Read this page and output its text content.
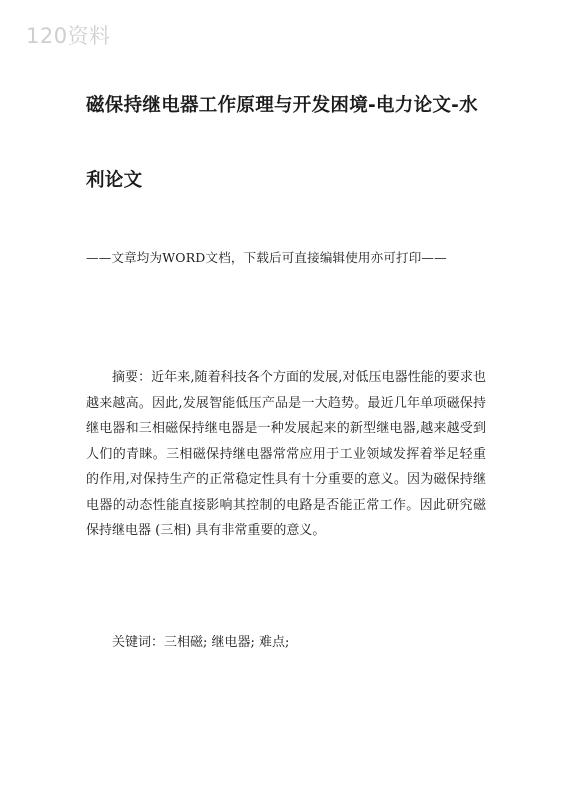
120资料
磁保持继电器工作原理与开发困境-电力论文-水利论文
——文章均为WORD文档，下载后可直接编辑使用亦可打印——

摘要：近年来,随着科技各个方面的发展,对低压电器性能的要求也越来越高。因此,发展智能低压产品是一大趋势。最近几年单项磁保持继电器和三相磁保持继电器是一种发展起来的新型继电器,越来越受到人们的青睐。三相磁保持继电器常常应用于工业领域发挥着举足轻重的作用,对保持生产的正常稳定性具有十分重要的意义。因为磁保持继电器的动态性能直接影响其控制的电路是否能正常工作。因此研究磁保持继电器 (三相) 具有非常重要的意义。

关键词：三相磁; 继电器; 难点;
